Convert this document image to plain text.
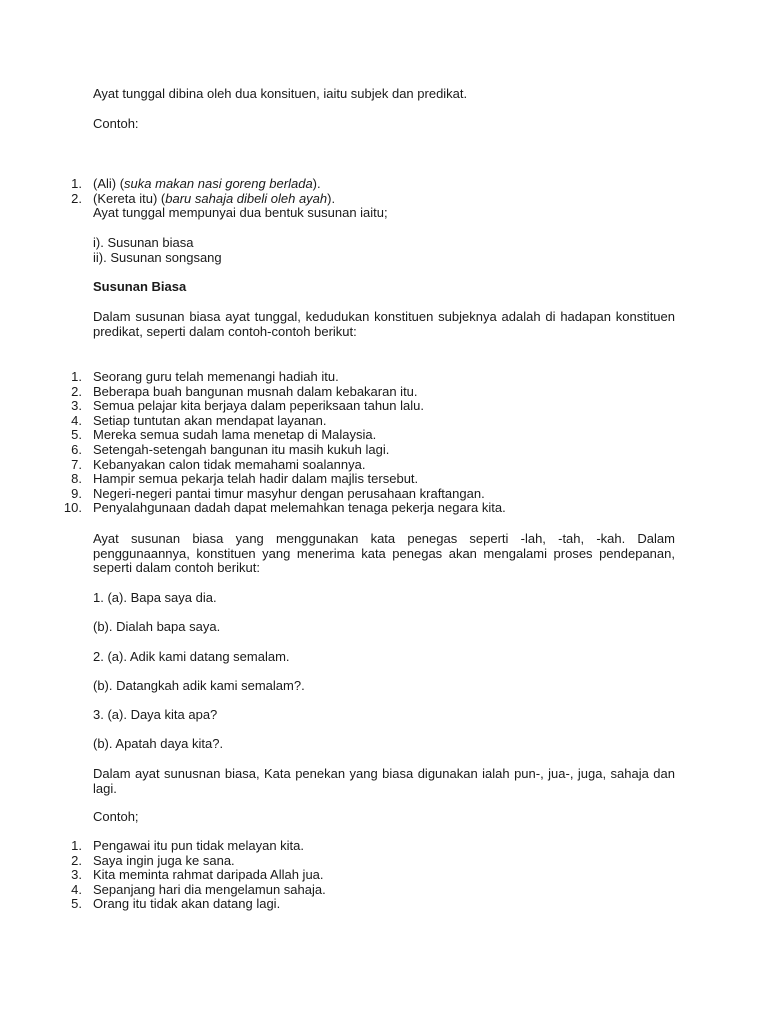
Ayat tunggal dibina oleh dua konsituen, iaitu subjek dan predikat.
Contoh:
1. (Ali) (suka makan nasi goreng berlada).
2. (Kereta itu) (baru sahaja dibeli oleh ayah).
Ayat tunggal mempunyai dua bentuk susunan iaitu;
i). Susunan biasa
ii). Susunan songsang
Susunan Biasa
Dalam susunan biasa ayat tunggal, kedudukan konstituen subjeknya adalah di hadapan konstituen predikat, seperti dalam contoh-contoh berikut:
1. Seorang guru telah memenangi hadiah itu.
2. Beberapa buah bangunan musnah dalam kebakaran itu.
3. Semua pelajar kita berjaya dalam peperiksaan tahun lalu.
4. Setiap tuntutan akan mendapat layanan.
5. Mereka semua sudah lama menetap di Malaysia.
6. Setengah-setengah bangunan itu masih kukuh lagi.
7. Kebanyakan calon tidak memahami soalannya.
8. Hampir semua pekarja telah hadir dalam majlis tersebut.
9. Negeri-negeri pantai timur masyhur dengan perusahaan kraftangan.
10. Penyalahgunaan dadah dapat melemahkan tenaga pekerja negara kita.
Ayat susunan biasa yang menggunakan kata penegas seperti -lah, -tah, -kah. Dalam penggunaannya, konstituen yang menerima kata penegas akan mengalami proses pendepanan, seperti dalam contoh berikut:
1. (a). Bapa saya dia.
(b). Dialah bapa saya.
2. (a). Adik kami datang semalam.
(b). Datangkah adik kami semalam?.
3. (a). Daya kita apa?
(b). Apatah daya kita?.
Dalam ayat sunusnan biasa, Kata penekan yang biasa digunakan ialah pun-, jua-, juga, sahaja dan lagi.
Contoh;
1. Pengawai itu pun tidak melayan kita.
2. Saya ingin juga ke sana.
3. Kita meminta rahmat daripada Allah jua.
4. Sepanjang hari dia mengelamun sahaja.
5. Orang itu tidak akan datang lagi.
